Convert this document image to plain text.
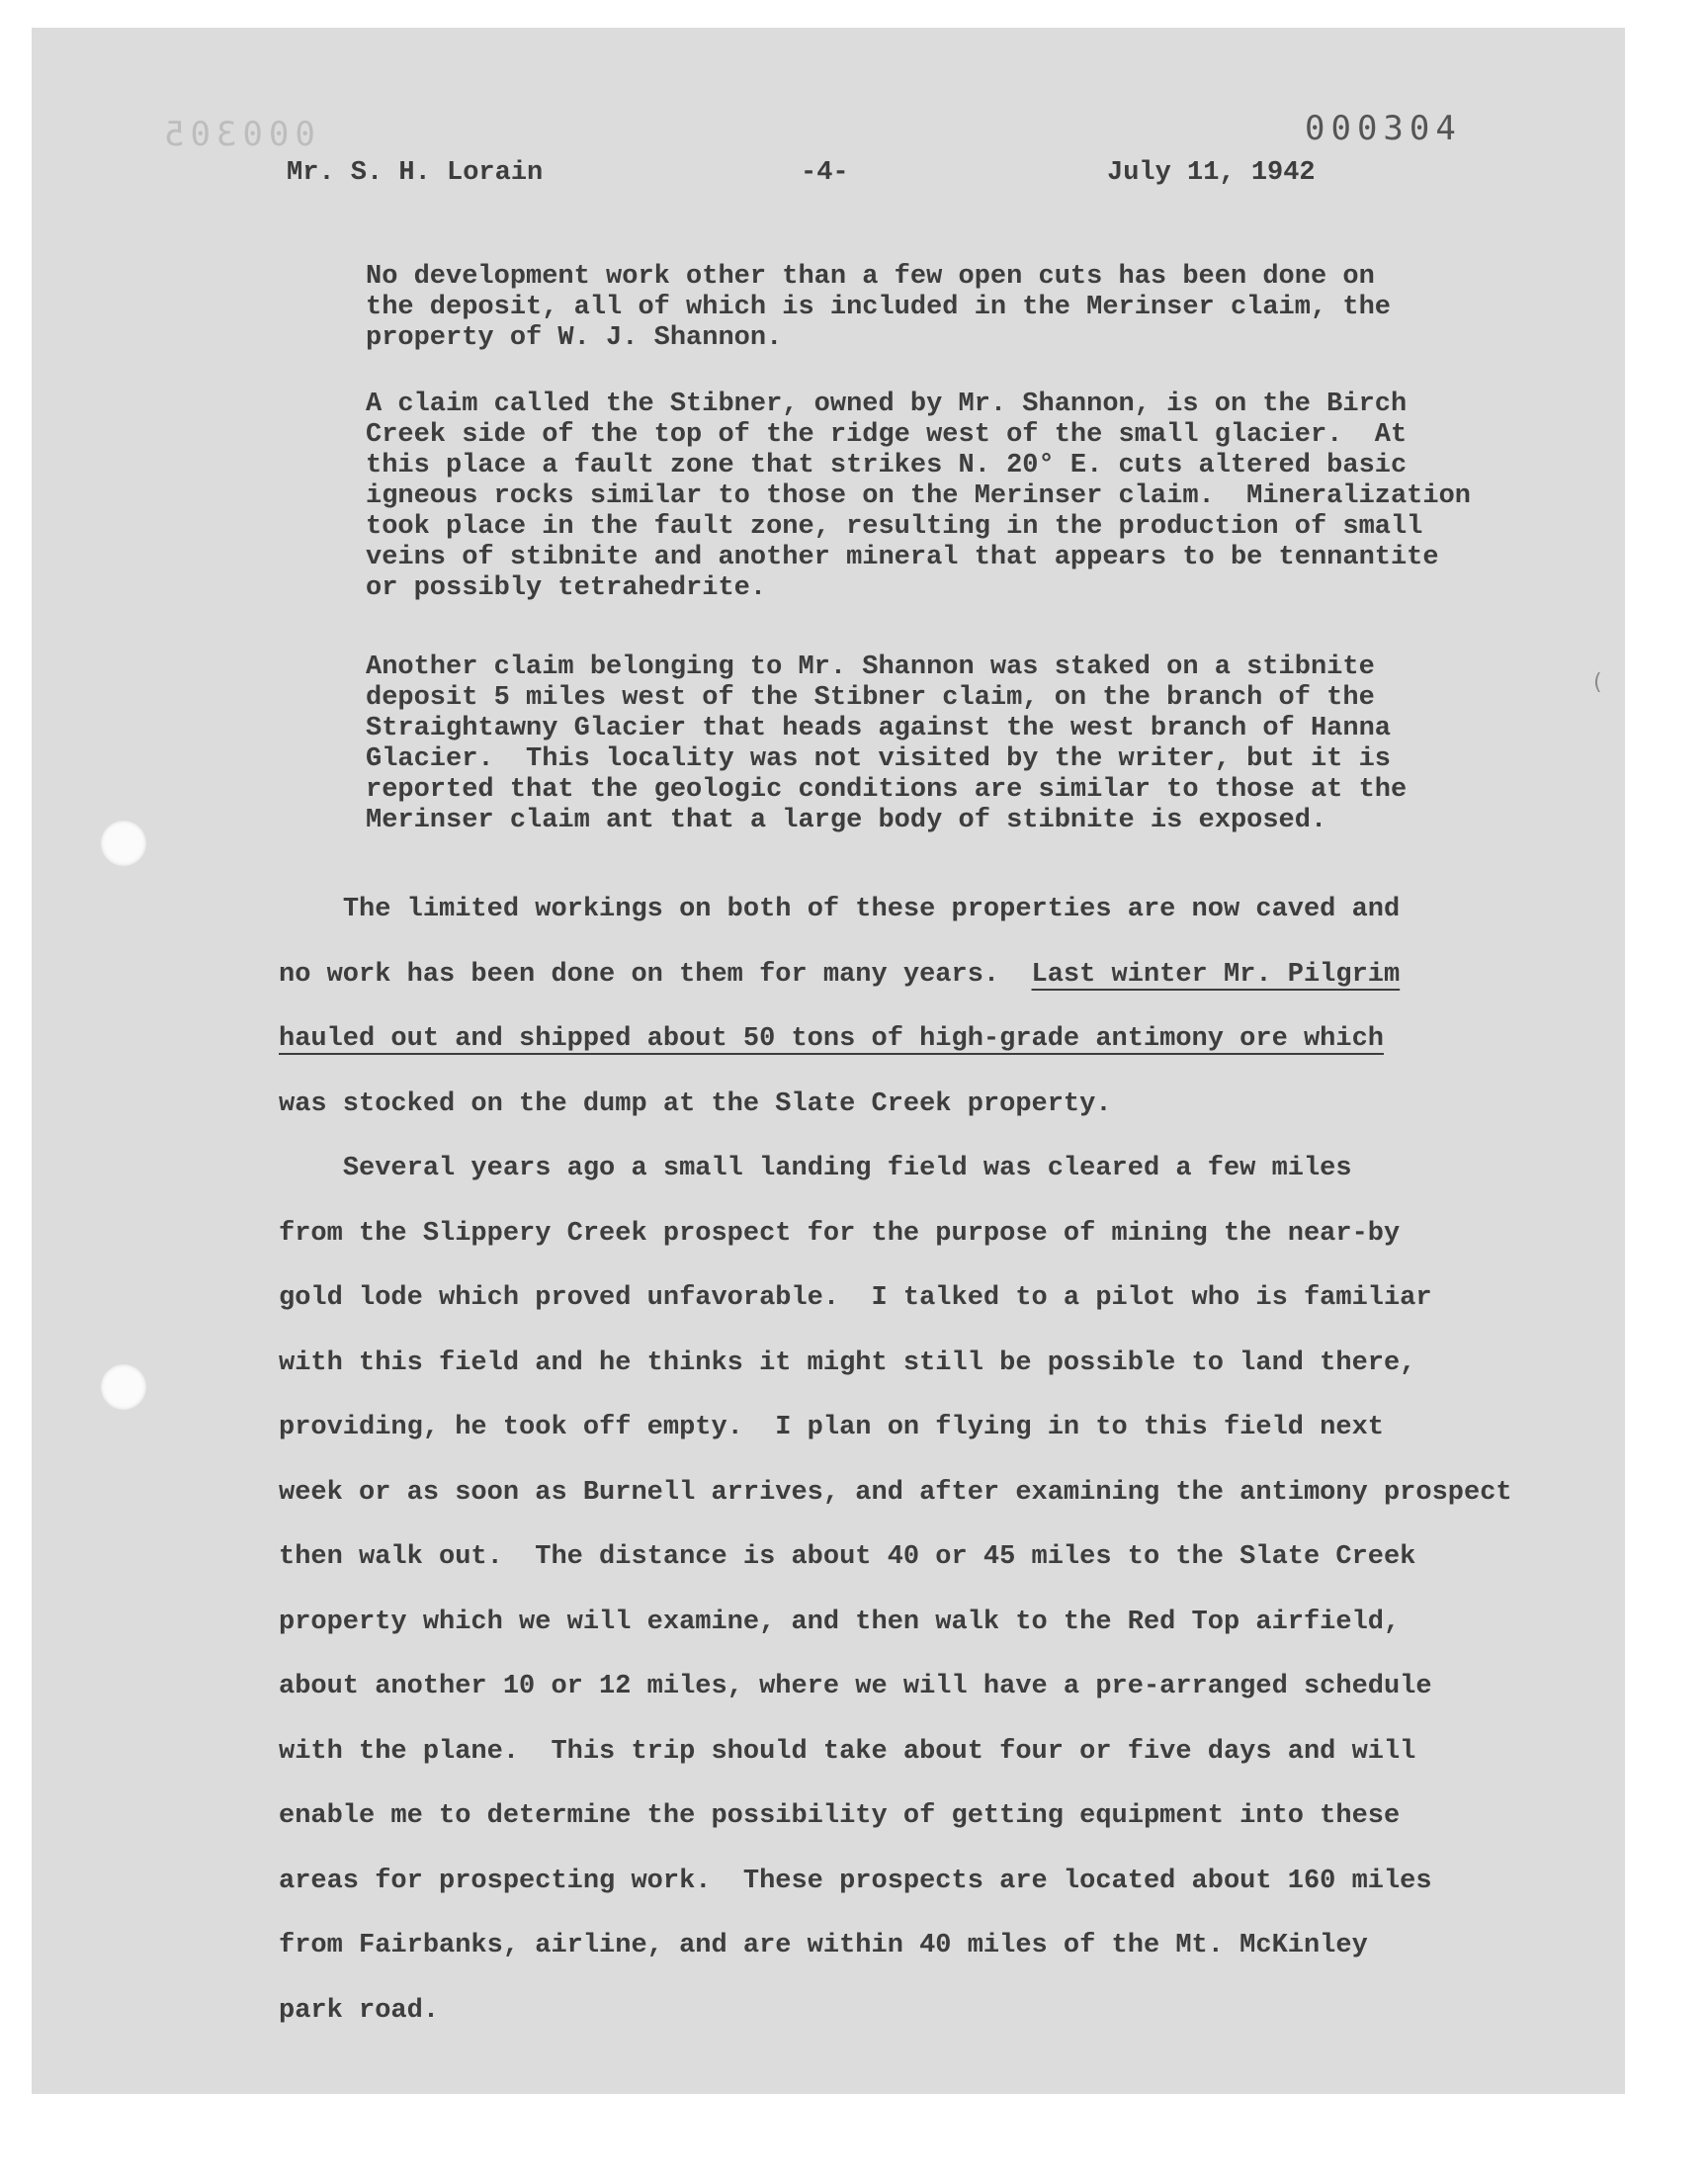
000305	000304
(
Mr. S. H. Lorain	-4-	July 11, 1942
No development work other than a few open cuts has been done on
the deposit, all of which is included in the Merinser claim, the
property of W. J. Shannon.
A claim called the Stibner, owned by Mr. Shannon, is on the Birch
Creek side of the top of the ridge west of the small glacier.  At
this place a fault zone that strikes N. 20° E. cuts altered basic
igneous rocks similar to those on the Merinser claim.  Mineralization
took place in the fault zone, resulting in the production of small
veins of stibnite and another mineral that appears to be tennantite
or possibly tetrahedrite.
Another claim belonging to Mr. Shannon was staked on a stibnite
deposit 5 miles west of the Stibner claim, on the branch of the
Straightawny Glacier that heads against the west branch of Hanna
Glacier.  This locality was not visited by the writer, but it is
reported that the geologic conditions are similar to those at the
Merinser claim ant that a large body of stibnite is exposed.
The limited workings on both of these properties are now caved and
no work has been done on them for many years.  Last winter Mr. Pilgrim
hauled out and shipped about 50 tons of high-grade antimony ore which
was stocked on the dump at the Slate Creek property.
Several years ago a small landing field was cleared a few miles
from the Slippery Creek prospect for the purpose of mining the near-by
gold lode which proved unfavorable.  I talked to a pilot who is familiar
with this field and he thinks it might still be possible to land there,
providing, he took off empty.  I plan on flying in to this field next
week or as soon as Burnell arrives, and after examining the antimony prospect
then walk out.  The distance is about 40 or 45 miles to the Slate Creek
property which we will examine, and then walk to the Red Top airfield,
about another 10 or 12 miles, where we will have a pre-arranged schedule
with the plane.  This trip should take about four or five days and will
enable me to determine the possibility of getting equipment into these
areas for prospecting work.  These prospects are located about 160 miles
from Fairbanks, airline, and are within 40 miles of the Mt. McKinley
park road.
